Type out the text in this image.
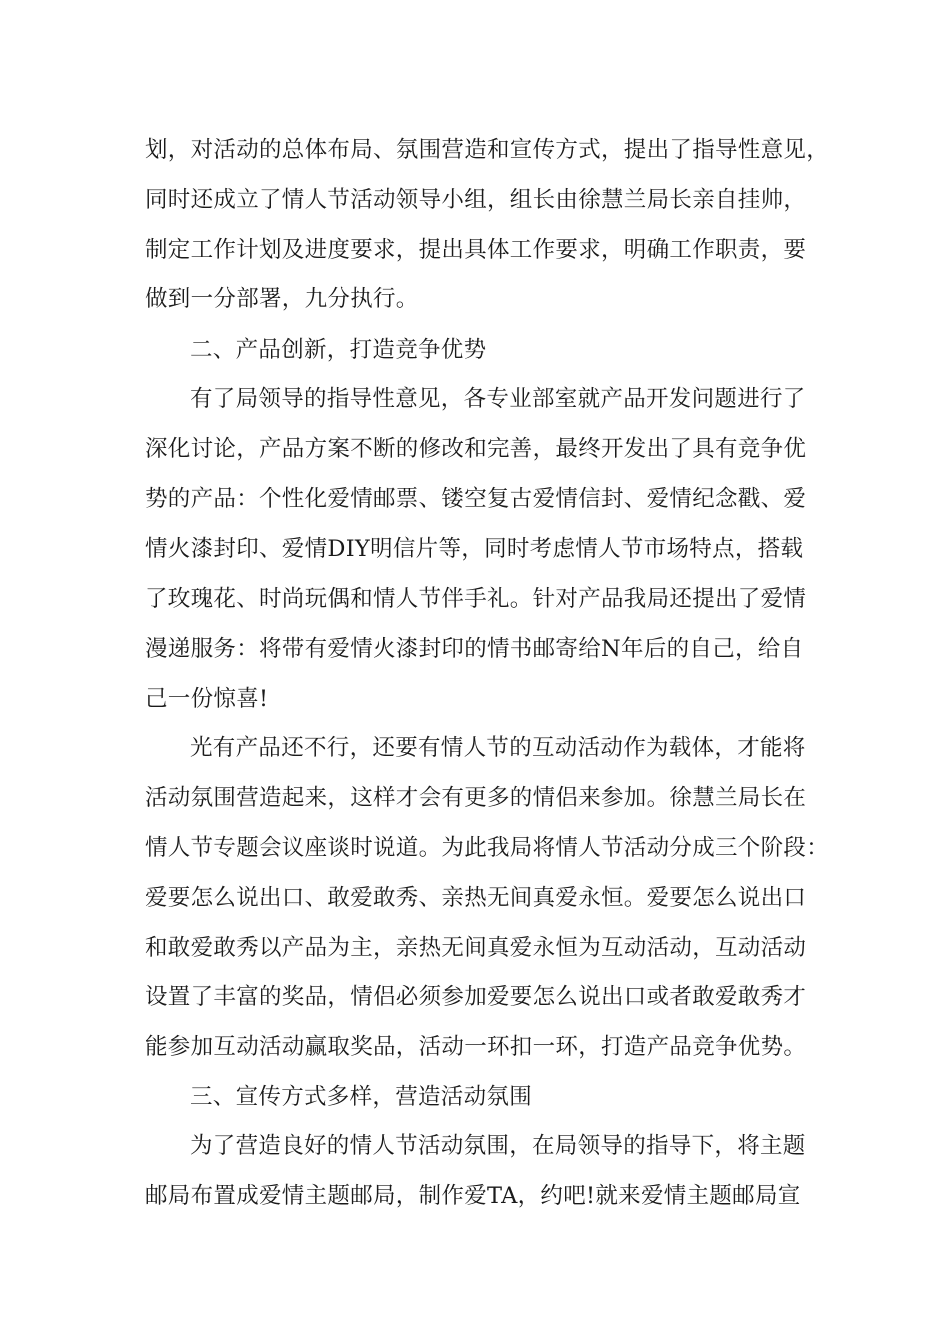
划，对活动的总体布局、氛围营造和宣传方式，提出了指导性意见，
同时还成立了情人节活动领导小组，组长由徐慧兰局长亲自挂帅，
制定工作计划及进度要求，提出具体工作要求，明确工作职责，要
做到一分部署，九分执行。
二、产品创新，打造竞争优势
有了局领导的指导性意见，各专业部室就产品开发问题进行了
深化讨论，产品方案不断的修改和完善，最终开发出了具有竞争优
势的产品：个性化爱情邮票、镂空复古爱情信封、爱情纪念戳、爱
情火漆封印、爱情DIY明信片等，同时考虑情人节市场特点，搭载
了玫瑰花、时尚玩偶和情人节伴手礼。针对产品我局还提出了爱情
漫递服务：将带有爱情火漆封印的情书邮寄给N年后的自己，给自
己一份惊喜!
光有产品还不行，还要有情人节的互动活动作为载体，才能将
活动氛围营造起来，这样才会有更多的情侣来参加。徐慧兰局长在
情人节专题会议座谈时说道。为此我局将情人节活动分成三个阶段：
爱要怎么说出口、敢爱敢秀、亲热无间真爱永恒。爱要怎么说出口
和敢爱敢秀以产品为主，亲热无间真爱永恒为互动活动，互动活动
设置了丰富的奖品，情侣必须参加爱要怎么说出口或者敢爱敢秀才
能参加互动活动赢取奖品，活动一环扣一环，打造产品竞争优势。
三、宣传方式多样，营造活动氛围
为了营造良好的情人节活动氛围，在局领导的指导下，将主题
邮局布置成爱情主题邮局，制作爱TA，约吧!就来爱情主题邮局宣
